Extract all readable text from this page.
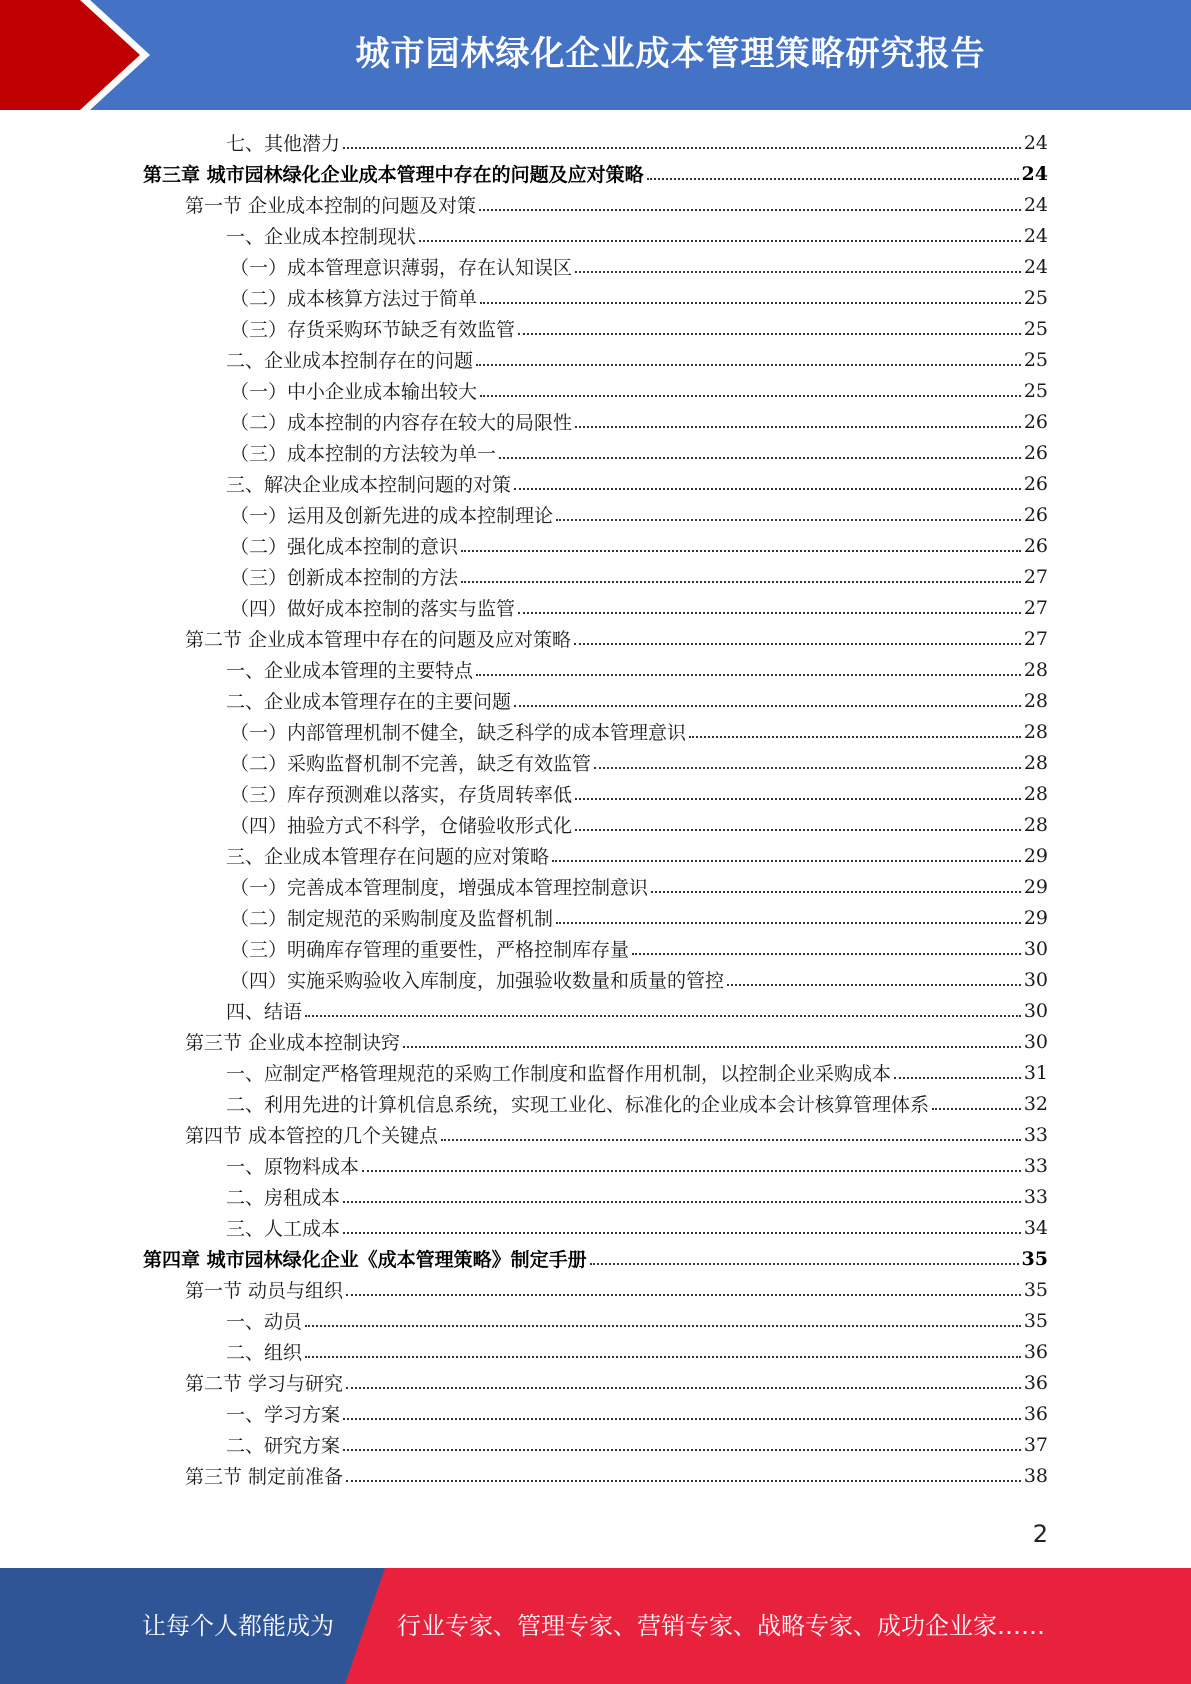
城市园林绿化企业成本管理策略研究报告
七、其他潜力	24
第三章 城市园林绿化企业成本管理中存在的问题及应对策略	24
第一节 企业成本控制的问题及对策	24
一、企业成本控制现状	24
（一）成本管理意识薄弱，存在认知误区	24
（二）成本核算方法过于简单	25
（三）存货采购环节缺乏有效监管	25
二、企业成本控制存在的问题	25
（一）中小企业成本输出较大	25
（二）成本控制的内容存在较大的局限性	26
（三）成本控制的方法较为单一	26
三、解决企业成本控制问题的对策	26
（一）运用及创新先进的成本控制理论	26
（二）强化成本控制的意识	26
（三）创新成本控制的方法	27
（四）做好成本控制的落实与监管	27
第二节 企业成本管理中存在的问题及应对策略	27
一、企业成本管理的主要特点	28
二、企业成本管理存在的主要问题	28
（一）内部管理机制不健全，缺乏科学的成本管理意识	28
（二）采购监督机制不完善，缺乏有效监管	28
（三）库存预测难以落实，存货周转率低	28
（四）抽验方式不科学，仓储验收形式化	28
三、企业成本管理存在问题的应对策略	29
（一）完善成本管理制度，增强成本管理控制意识	29
（二）制定规范的采购制度及监督机制	29
（三）明确库存管理的重要性，严格控制库存量	30
（四）实施采购验收入库制度，加强验收数量和质量的管控	30
四、结语	30
第三节 企业成本控制诀窍	30
一、应制定严格管理规范的采购工作制度和监督作用机制，以控制企业采购成本	31
二、利用先进的计算机信息系统，实现工业化、标准化的企业成本会计核算管理体系	32
第四节 成本管控的几个关键点	33
一、原物料成本	33
二、房租成本	33
三、人工成本	34
第四章 城市园林绿化企业《成本管理策略》制定手册	35
第一节 动员与组织	35
一、动员	35
二、组织	36
第二节 学习与研究	36
一、学习方案	36
二、研究方案	37
第三节 制定前准备	38
2
让每个人都能成为	行业专家、管理专家、营销专家、战略专家、成功企业家……
